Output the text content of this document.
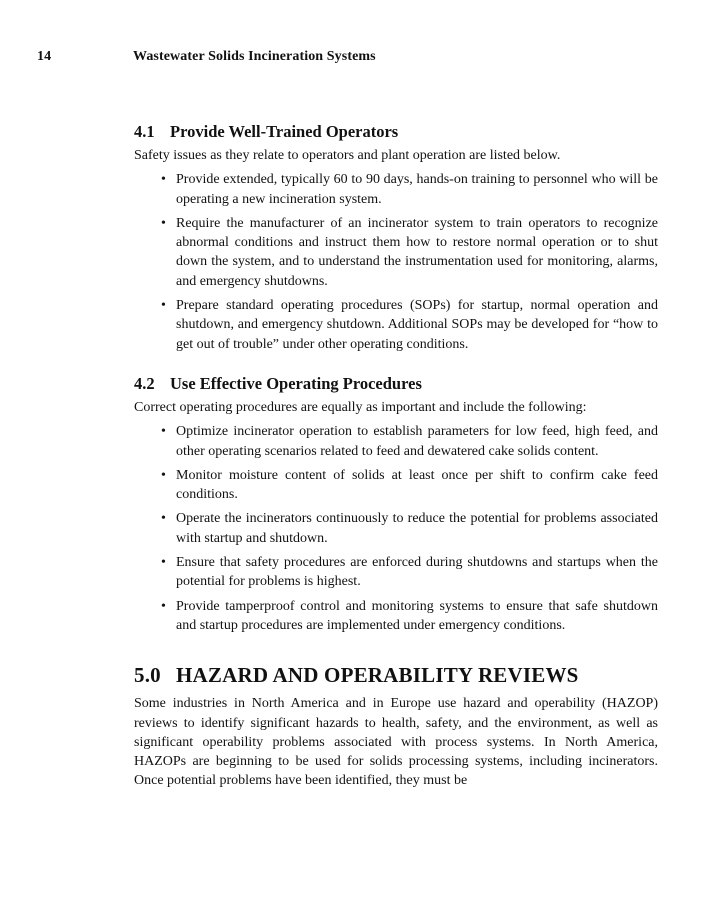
14	Wastewater Solids Incineration Systems
4.1 Provide Well-Trained Operators

Safety issues as they relate to operators and plant operation are listed below.

• Provide extended, typically 60 to 90 days, hands-on training to personnel who will be operating a new incineration system.
• Require the manufacturer of an incinerator system to train operators to recognize abnormal conditions and instruct them how to restore normal operation or to shut down the system, and to understand the instrumentation used for monitoring, alarms, and emergency shutdowns.
• Prepare standard operating procedures (SOPs) for startup, normal operation and shutdown, and emergency shutdown. Additional SOPs may be developed for “how to get out of trouble” under other operating conditions.
4.2 Use Effective Operating Procedures

Correct operating procedures are equally as important and include the following:

• Optimize incinerator operation to establish parameters for low feed, high feed, and other operating scenarios related to feed and dewatered cake solids content.
• Monitor moisture content of solids at least once per shift to confirm cake feed conditions.
• Operate the incinerators continuously to reduce the potential for problems associated with startup and shutdown.
• Ensure that safety procedures are enforced during shutdowns and startups when the potential for problems is highest.
• Provide tamperproof control and monitoring systems to ensure that safe shutdown and startup procedures are implemented under emergency conditions.
5.0 HAZARD AND OPERABILITY REVIEWS

Some industries in North America and in Europe use hazard and operability (HAZOP) reviews to identify significant hazards to health, safety, and the environment, as well as significant operability problems associated with process systems. In North America, HAZOPs are beginning to be used for solids processing systems, including incinerators. Once potential problems have been identified, they must be
